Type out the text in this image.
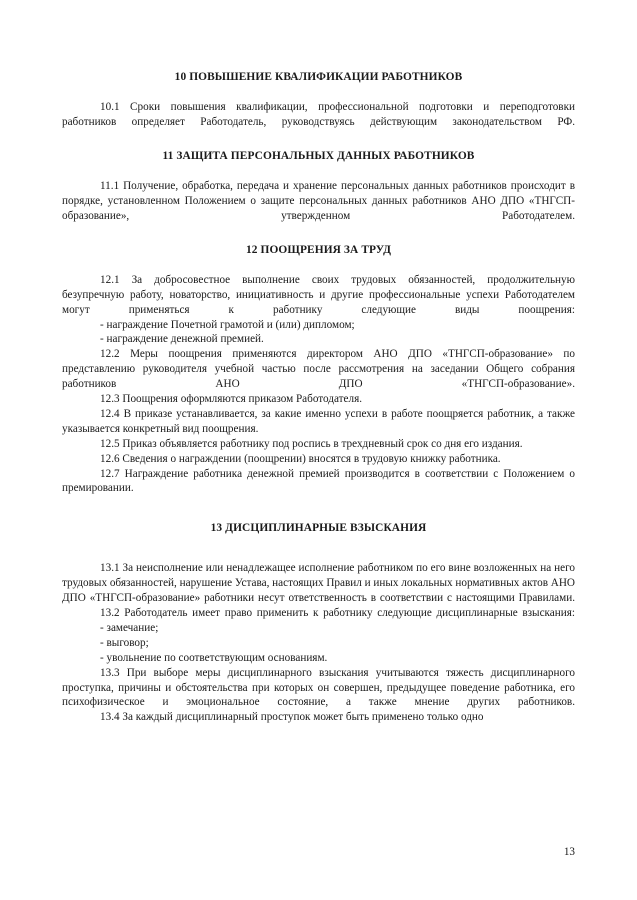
10 ПОВЫШЕНИЕ КВАЛИФИКАЦИИ РАБОТНИКОВ

10.1 Сроки повышения квалификации, профессиональной подготовки и переподготовки работников определяет Работодатель, руководствуясь действующим законодательством РФ.

11 ЗАЩИТА ПЕРСОНАЛЬНЫХ ДАННЫХ РАБОТНИКОВ

11.1 Получение, обработка, передача и хранение персональных данных работников происходит в порядке, установленном Положением о защите персональных данных работников АНО ДПО «ТНГСП-образование», утвержденном Работодателем.

12 ПООЩРЕНИЯ ЗА ТРУД

12.1 За добросовестное выполнение своих трудовых обязанностей, продолжительную безупречную работу, новаторство, инициативность и другие профессиональные успехи Работодателем могут применяться к работнику следующие виды поощрения:

- награждение Почетной грамотой и (или) дипломом;

- награждение денежной премией.

12.2 Меры поощрения применяются директором АНО ДПО «ТНГСП-образование» по представлению руководителя учебной частью после рассмотрения на заседании Общего собрания работников АНО ДПО «ТНГСП-образование».

12.3 Поощрения оформляются приказом Работодателя.

12.4 В приказе устанавливается, за какие именно успехи в работе поощряется работник, а также указывается конкретный вид поощрения.

12.5 Приказ объявляется работнику под роспись в трехдневный срок со дня его издания.

12.6 Сведения о награждении (поощрении) вносятся в трудовую книжку работника.

12.7 Награждение работника денежной премией производится в соответствии с Положением о премировании.

13 ДИСЦИПЛИНАРНЫЕ ВЗЫСКАНИЯ

13.1 За неисполнение или ненадлежащее исполнение работником по его вине возложенных на него трудовых обязанностей, нарушение Устава, настоящих Правил и иных локальных нормативных актов АНО ДПО «ТНГСП-образование» работники несут ответственность в соответствии с настоящими Правилами.

13.2 Работодатель имеет право применить к работнику следующие дисциплинарные взыскания:

- замечание;

- выговор;

- увольнение по соответствующим основаниям.

13.3 При выборе меры дисциплинарного взыскания учитываются тяжесть дисциплинарного проступка, причины и обстоятельства при которых он совершен, предыдущее поведение работника, его психофизическое и эмоциональное состояние, а также мнение других работников.

13.4 За каждый дисциплинарный проступок может быть применено только одно

13
